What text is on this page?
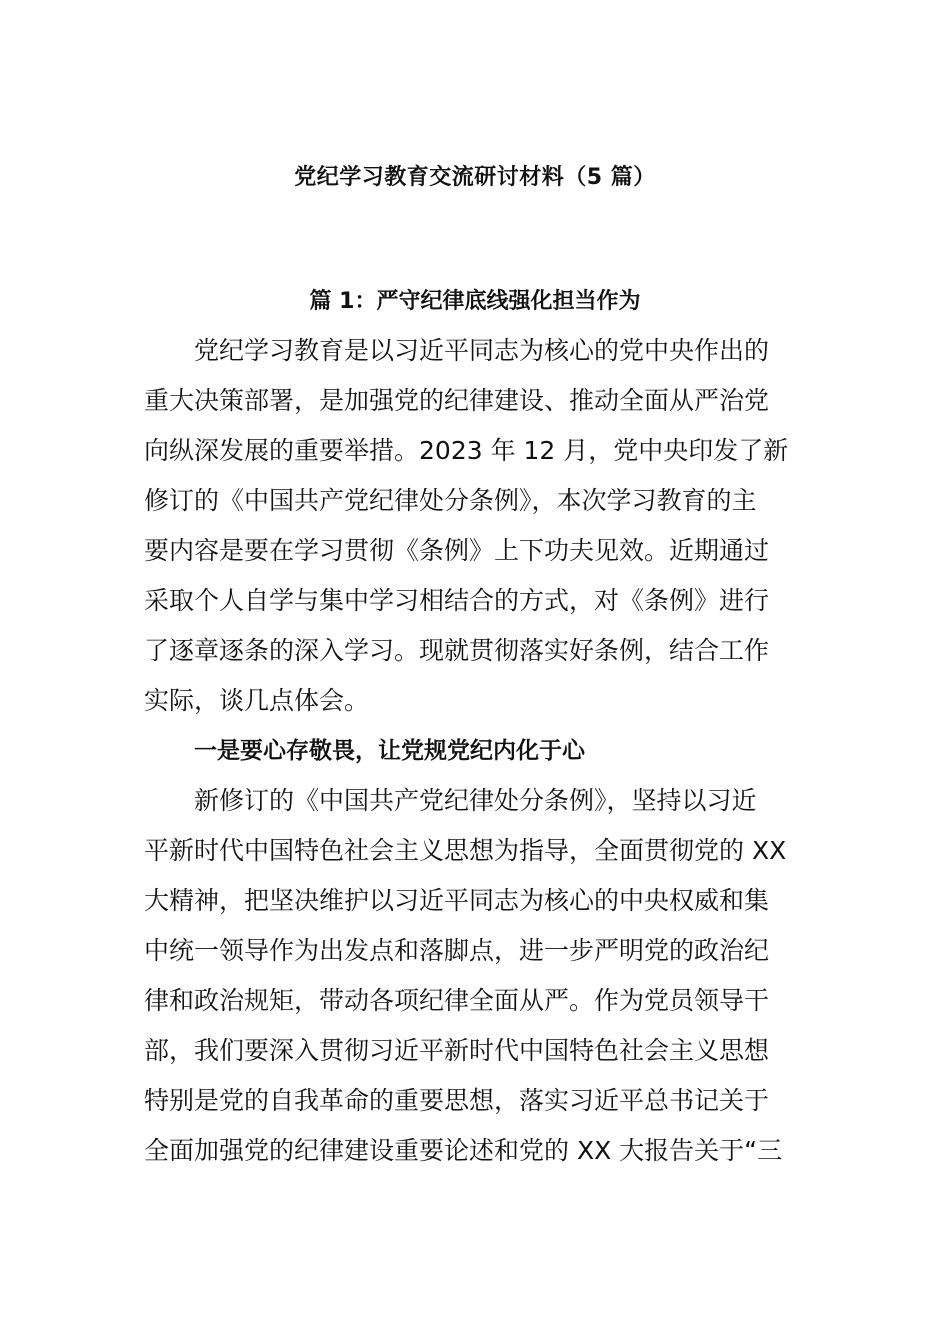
党纪学习教育交流研讨材料（5 篇）
篇 1：严守纪律底线强化担当作为
党纪学习教育是以习近平同志为核心的党中央作出的
重大决策部署，是加强党的纪律建设、推动全面从严治党
向纵深发展的重要举措。2023 年 12 月，党中央印发了新
修订的《中国共产党纪律处分条例》，本次学习教育的主
要内容是要在学习贯彻《条例》上下功夫见效。近期通过
采取个人自学与集中学习相结合的方式，对《条例》进行
了逐章逐条的深入学习。现就贯彻落实好条例，结合工作
实际，谈几点体会。
一是要心存敬畏，让党规党纪内化于心
新修订的《中国共产党纪律处分条例》，坚持以习近
平新时代中国特色社会主义思想为指导，全面贯彻党的 XX
大精神，把坚决维护以习近平同志为核心的中央权威和集
中统一领导作为出发点和落脚点，进一步严明党的政治纪
律和政治规矩，带动各项纪律全面从严。作为党员领导干
部，我们要深入贯彻习近平新时代中国特色社会主义思想
特别是党的自我革命的重要思想，落实习近平总书记关于
全面加强党的纪律建设重要论述和党的 XX 大报告关于“三
